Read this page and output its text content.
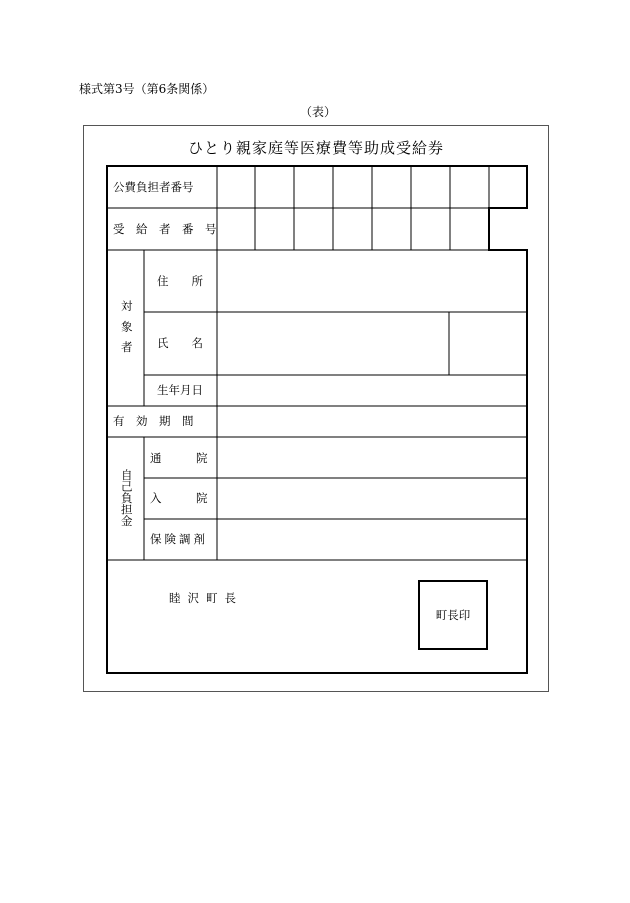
様式第3号（第6条関係）
（表）
ひとり親家庭等医療費等助成受給券
公費負担者番号
受　給　者　番　号
対象者
住　　所
氏　　名
生年月日
有　効　期　間
自己負担金
通　　　院
入　　　院
保険調剤
睦沢町長
町長印
